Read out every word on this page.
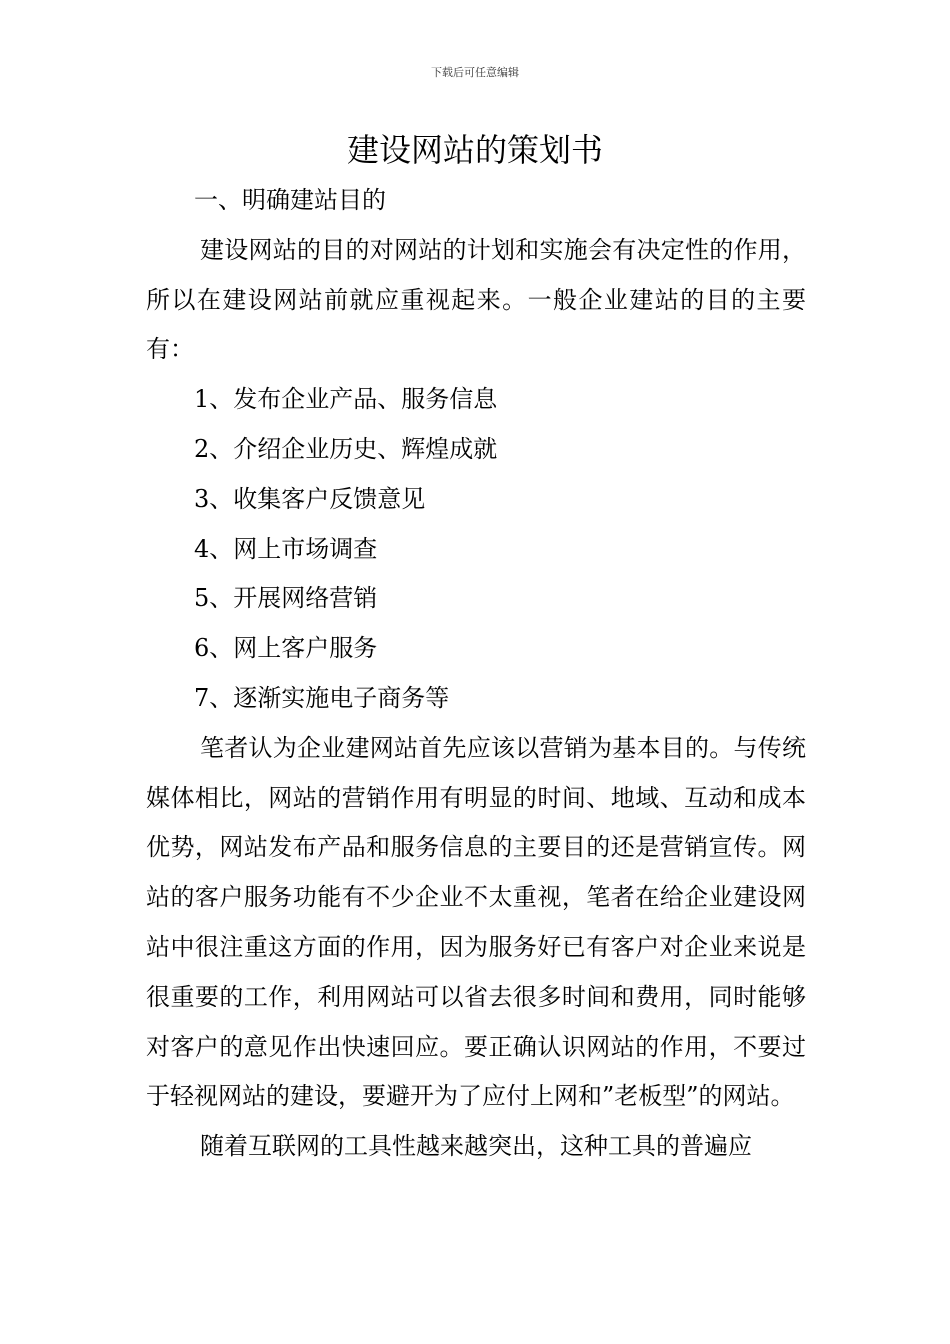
下载后可任意编辑
建设网站的策划书

一、明确建站目的

建设网站的目的对网站的计划和实施会有决定性的作用，所以在建设网站前就应重视起来。一般企业建站的目的主要有：

1、发布企业产品、服务信息

2、介绍企业历史、辉煌成就

3、收集客户反馈意见

4、网上市场调查

5、开展网络营销

6、网上客户服务

7、逐渐实施电子商务等

笔者认为企业建网站首先应该以营销为基本目的。与传统媒体相比，网站的营销作用有明显的时间、地域、互动和成本优势，网站发布产品和服务信息的主要目的还是营销宣传。网站的客户服务功能有不少企业不太重视，笔者在给企业建设网站中很注重这方面的作用，因为服务好已有客户对企业来说是很重要的工作，利用网站可以省去很多时间和费用，同时能够对客户的意见作出快速回应。要正确认识网站的作用，不要过于轻视网站的建设，要避开为了应付上网和”老板型”的网站。

随着互联网的工具性越来越突出，这种工具的普遍应
